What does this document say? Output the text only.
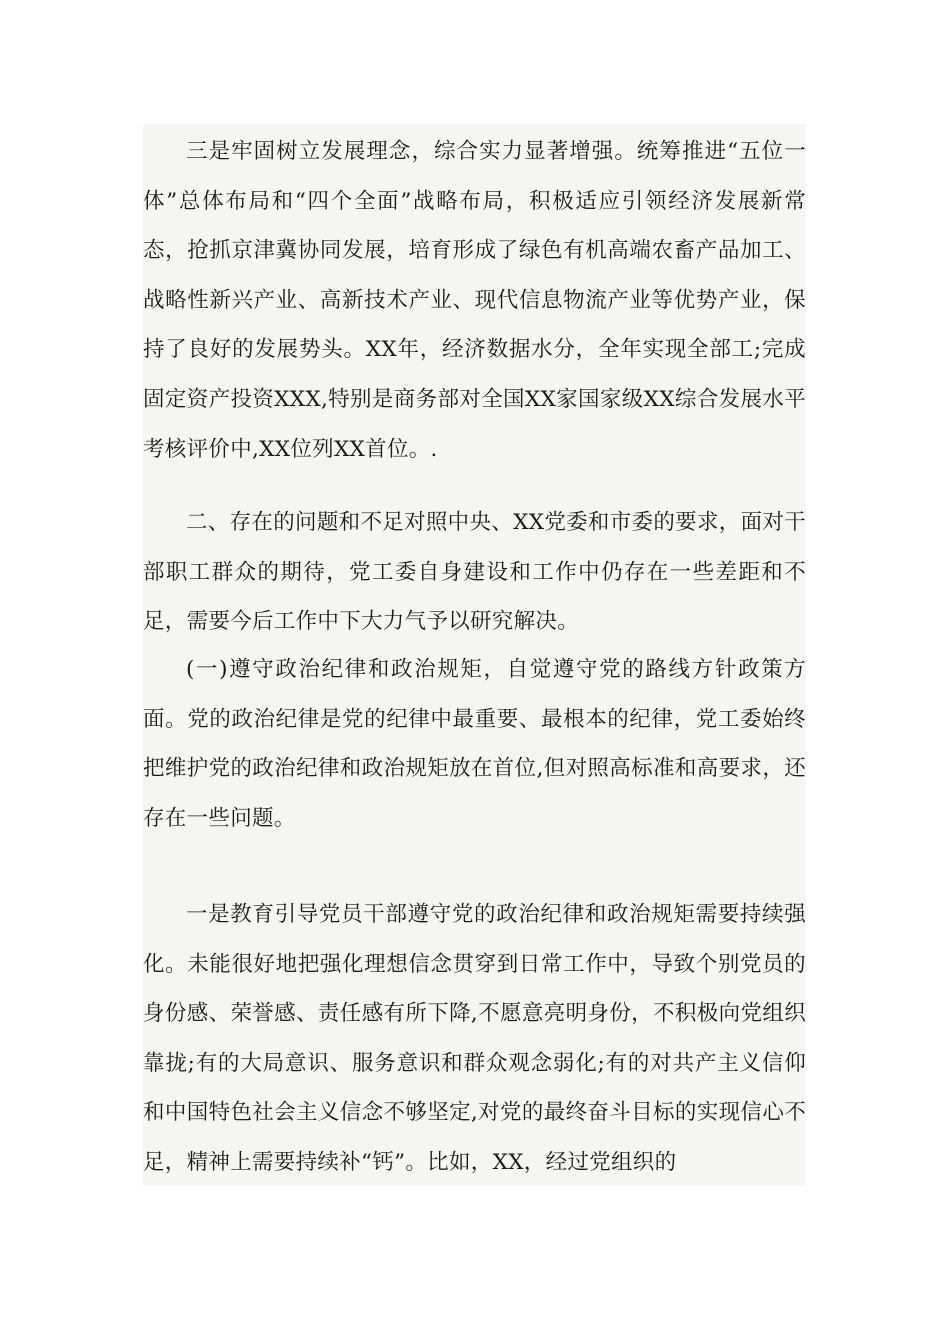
三是牢固树立发展理念，综合实力显著增强。统筹推进“五位一体”总体布局和“四个全面”战略布局，积极适应引领经济发展新常态，抢抓京津冀协同发展，培育形成了绿色有机高端农畜产品加工、战略性新兴产业、高新技术产业、现代信息物流产业等优势产业，保持了良好的发展势头。XX年，经济数据水分，全年实现全部工;完成固定资产投资XXX,特别是商务部对全国XX家国家级XX综合发展水平考核评价中,XX位列XX首位。.

二、存在的问题和不足对照中央、XX党委和市委的要求，面对干部职工群众的期待，党工委自身建设和工作中仍存在一些差距和不足，需要今后工作中下大力气予以研究解决。

(一)遵守政治纪律和政治规矩，自觉遵守党的路线方针政策方面。党的政治纪律是党的纪律中最重要、最根本的纪律，党工委始终把维护党的政治纪律和政治规矩放在首位,但对照高标准和高要求，还存在一些问题。

一是教育引导党员干部遵守党的政治纪律和政治规矩需要持续强化。未能很好地把强化理想信念贯穿到日常工作中，导致个别党员的身份感、荣誉感、责任感有所下降,不愿意亮明身份，不积极向党组织靠拢;有的大局意识、服务意识和群众观念弱化;有的对共产主义信仰和中国特色社会主义信念不够坚定,对党的最终奋斗目标的实现信心不足，精神上需要持续补“钙”。比如，XX，经过党组织的
